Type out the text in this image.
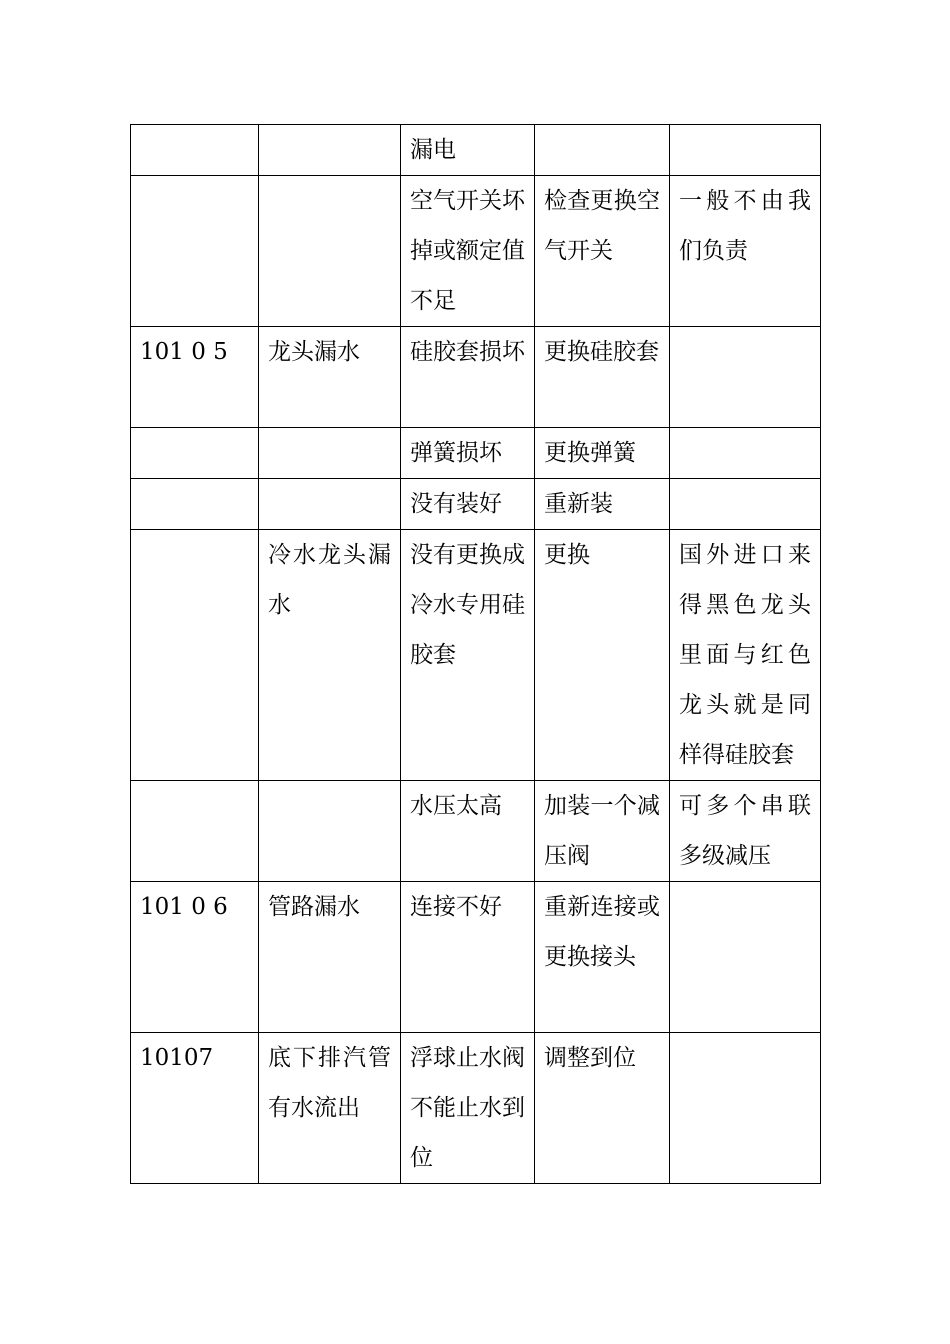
		漏电		

		空气开关坏掉或额定值不足	检查更换空气开关	一般不由我们负责

101 0 5	龙头漏水	硅胶套损坏	更换硅胶套	

		弹簧损坏	更换弹簧	

		没有装好	重新装	

	冷水龙头漏水	没有更换成冷水专用硅胶套	更换	国外进口来得黑色龙头里面与红色龙头就是同样得硅胶套

		水压太高	加装一个减压阀	可多个串联多级减压

101 0 6	管路漏水	连接不好	重新连接或更换接头	

10107	底下排汽管有水流出	浮球止水阀不能止水到位	调整到位	
